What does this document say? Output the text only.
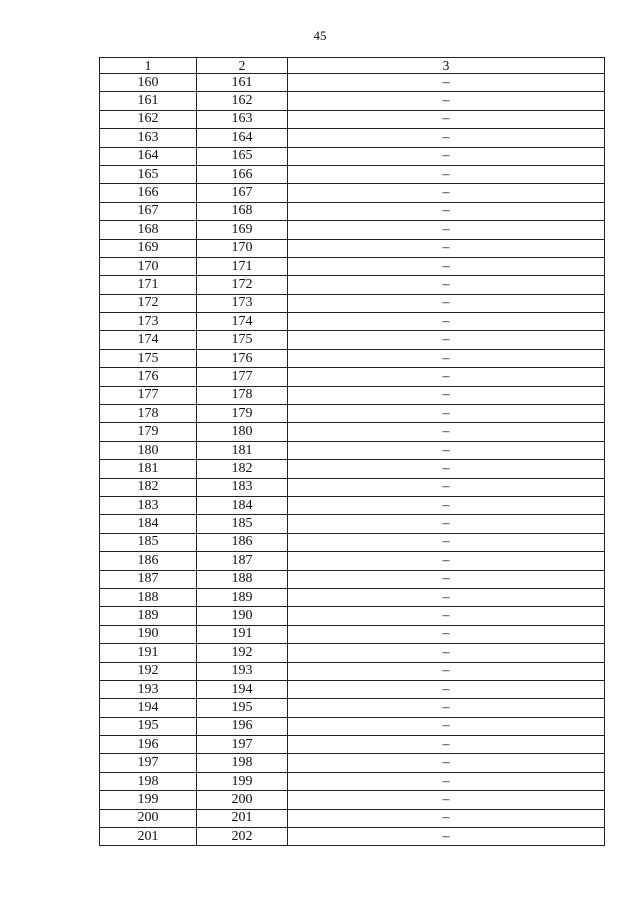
45
1	2	3
160	161	–
161	162	–
162	163	–
163	164	–
164	165	–
165	166	–
166	167	–
167	168	–
168	169	–
169	170	–
170	171	–
171	172	–
172	173	–
173	174	–
174	175	–
175	176	–
176	177	–
177	178	–
178	179	–
179	180	–
180	181	–
181	182	–
182	183	–
183	184	–
184	185	–
185	186	–
186	187	–
187	188	–
188	189	–
189	190	–
190	191	–
191	192	–
192	193	–
193	194	–
194	195	–
195	196	–
196	197	–
197	198	–
198	199	–
199	200	–
200	201	–
201	202	–
